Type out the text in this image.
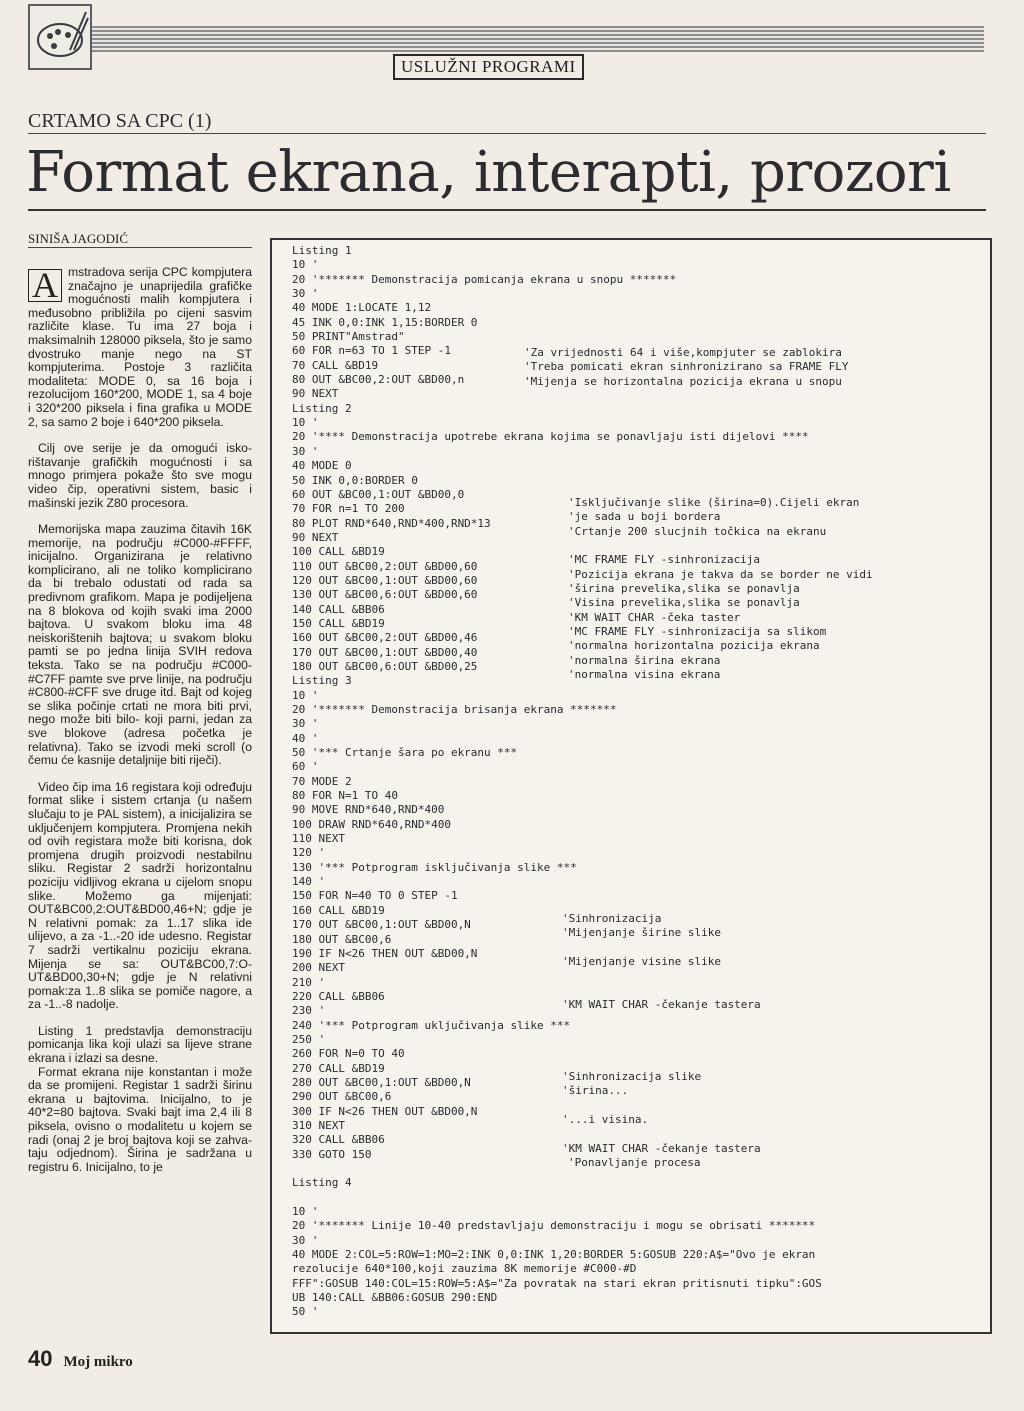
USLUŽNI PROGRAMI
CRTAMO SA CPC (1)
Format ekrana, interapti, prozori
SINIŠA JAGODIĆ

A mstradova serija CPC kompjutera značajno je unaprijedila grafičke mogućnosti malih kompjutera i međusobno približila po cijeni sasvim različite klase. Tu ima 27 boja i maksimalnih 128000 piksela, što je samo dvostruko manje nego na ST kompjuterima. Postoje 3 različita modaliteta: MODE 0, sa 16 boja i rezolucijom 160*200, MODE 1, sa 4 boje i 320*200 piksela i fina grafika u MODE 2, sa samo 2 boje i 640*200 piksela.

Cilj ove serije je da omogući iskorištavanje grafičkih mogućnosti i sa mnogo primjera pokaže što sve mogu video čip, operativni sistem, basic i mašinski jezik Z80 procesora.

Memorijska mapa zauzima čitavih 16K memorije, na području #C000-#FFFF, inicijalno. Organizirana je relativno komplicirano, ali ne toliko komplicirano da bi trebalo odustati od rada sa predivnom grafikom. Mapa je podijeljena na 8 blokova od kojih svaki ima 2000 bajtova. U svakom bloku ima 48 neiskorištenih bajtova; u svakom bloku pamti se po jedna linija SVIH redova teksta. Tako se na području #C000-#C7FF pamte sve prve linije, na području #C800-#CFF sve druge itd. Bajt od kojeg se slika počinje crtati ne mora biti prvi, nego može biti bilo- koji parni, jedan za sve blokove (adresa početka je relativna). Tako se izvodi meki scroll (o čemu će kasnije detaljnije biti riječi).

Video čip ima 16 registara koji određuju format slike i sistem crtanja (u našem slučaju to je PAL sistem), a inicijalizira se uključenjem kompjutera. Promjena nekih od ovih registara može biti korisna, dok promjena drugih proizvodi nestabilnu sliku. Registar 2 sadrži horizontalnu poziciju vidljivog ekrana u cijelom snopu slike. Možemo ga mijenjati: OUT&BC00,2:OUT&BD00,46+N; gdje je N relativni pomak: za 1..17 slika ide ulijevo, a za -1..-20 ide udesno. Registar 7 sadrži vertikalnu poziciju ekrana. Mijenja se sa: OUT&BC00,7:OUT&BD00,30+N; gdje je N relativni pomak:za 1..8 slika se pomiče nagore, a za -1..-8 nadolje.

Listing 1 predstavlja demonstraciju pomicanja lika koji ulazi sa lijeve strane ekrana i izlazi sa desne.

Format ekrana nije konstantan i može da se promijeni. Registar 1 sadrži širinu ekrana u bajtovima. Inicijalno, to je 40*2=80 bajtova. Svaki bajt ima 2,4 ili 8 piksela, ovisno o modalitetu u kojem se radi (onaj 2 je broj bajtova koji se zahvataju odjednom). Širina je sadržana u registru 6. Inicijalno, to je

Listing 1
10 '
20 '******* Demonstracija pomicanja ekrana u snopu *******
30 '
40 MODE 1:LOCATE 1,12
45 INK 0,0:INK 1,15:BORDER 0
50 PRINT"Amstrad"
60 FOR n=63 TO 1 STEP -1
70 CALL &BD19
80 OUT &BC00,2:OUT &BD00,n
90 NEXT
Listing 2
10 '
20 '**** Demonstracija upotrebe ekrana kojima se ponavljaju isti dijelovi ****
30 '
40 MODE 0
50 INK 0,0:BORDER 0
60 OUT &BC00,1:OUT &BD00,0
70 FOR n=1 TO 200
80 PLOT RND*640,RND*400,RND*13
90 NEXT
100 CALL &BD19
110 OUT &BC00,2:OUT &BD00,60
120 OUT &BC00,1:OUT &BD00,60
130 OUT &BC00,6:OUT &BD00,60
140 CALL &BB06
150 CALL &BD19
160 OUT &BC00,2:OUT &BD00,46
170 OUT &BC00,1:OUT &BD00,40
180 OUT &BC00,6:OUT &BD00,25
Listing 3
10 '
20 '******* Demonstracija brisanja ekrana *******
30 '
40 '
50 '*** Crtanje šara po ekranu ***
60 '
70 MODE 2
80 FOR N=1 TO 40
90 MOVE RND*640,RND*400
100 DRAW RND*640,RND*400
110 NEXT
120 '
130 '*** Potprogram isključivanja slike ***
140 '
150 FOR N=40 TO 0 STEP -1
160 CALL &BD19
170 OUT &BC00,1:OUT &BD00,N
180 OUT &BC00,6
190 IF N<26 THEN OUT &BD00,N
200 NEXT
210 '
220 CALL &BB06
230 '
240 '*** Potprogram uključivanja slike ***
250 '
260 FOR N=0 TO 40
270 CALL &BD19
280 OUT &BC00,1:OUT &BD00,N
290 OUT &BC00,6
300 IF N<26 THEN OUT &BD00,N
310 NEXT
320 CALL &BB06
330 GOTO 150

Listing 4

10 '
20 '******* Linije 10-40 predstavljaju demonstraciju i mogu se obrisati *******
30 '
40 MODE 2:COL=5:ROW=1:MO=2:INK 0,0:INK 1,20:BORDER 5:GOSUB 220:A$="Ovo je ekran
rezolucije 640*100,koji zauzima 8K memorije #C000-#D
FFF":GOSUB 140:COL=15:ROW=5:A$="Za povratak na stari ekran pritisnuti tipku":GOS
UB 140:CALL &BB06:GOSUB 290:END
50 '
'Za vrijednosti 64 i više,kompjuter se zablokira
'Treba pomicati ekran sinhronizirano sa FRAME FLY
'Mijenja se horizontalna pozicija ekrana u snopu
'Isključivanje slike (širina=0).Cijeli ekran
'je sada u boji bordera
'Crtanje 200 slucjnih točkica na ekranu
'MC FRAME FLY -sinhronizacija
'Pozicija ekrana je takva da se border ne vidi
'širina prevelika,slika se ponavlja
'Visina prevelika,slika se ponavlja
'KM WAIT CHAR -čeka taster
'MC FRAME FLY -sinhronizacija sa slikom
'normalna horizontalna pozicija ekrana
'normalna širina ekrana
'normalna visina ekrana
'Sinhronizacija
'Mijenjanje širine slike
'Mijenjanje visine slike
'KM WAIT CHAR -čekanje tastera
'Sinhronizacija slike
'širina...
'...i visina.
'KM WAIT CHAR -čekanje tastera
'Ponavljanje procesa
40 Moj mikro
